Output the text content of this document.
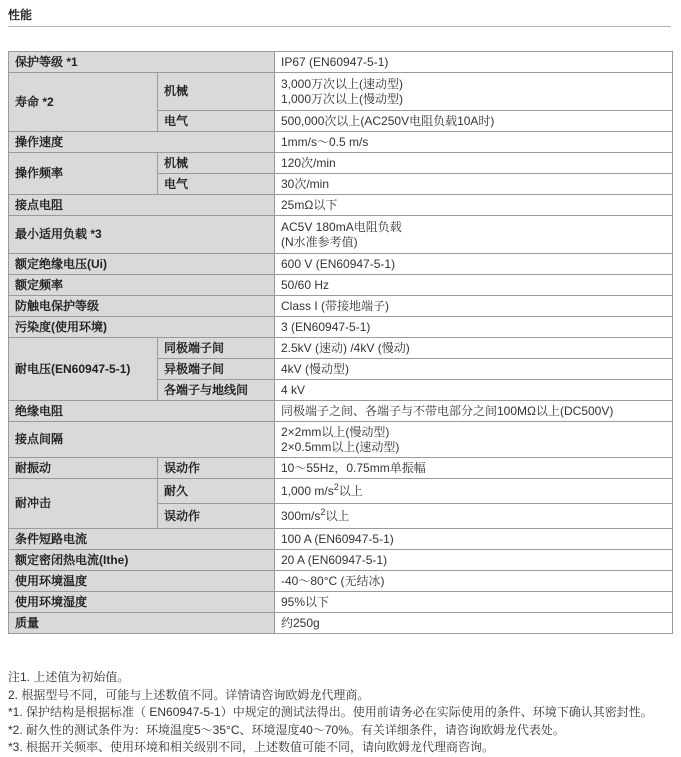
性能
保护等级 *1		IP67 (EN60947-5-1)
寿命 *2	机械	3,000万次以上(速动型)
1,000万次以上(慢动型)

	电气	500,000次以上(AC250V电阻负载10A时)
操作速度		1mm/s～0.5 m/s
操作频率	机械	120次/min
	电气	30次/min
接点电阻		25mΩ以下
最小适用负载 *3		AC5V 180mA电阻负载
(N水准参考值)

额定绝缘电压(Ui)		600 V (EN60947-5-1)
额定频率		50/60 Hz
防触电保护等级		Class I (带接地端子)
污染度(使用环境)		3 (EN60947-5-1)
耐电压(EN60947-5-1)	同极端子间	2.5kV (速动) /4kV (慢动)
	异极端子间	4kV (慢动型)
	各端子与地线间	4 kV
绝缘电阻		同极端子之间、各端子与不带电部分之间100MΩ以上(DC500V)
接点间隔		2×2mm以上(慢动型)
2×0.5mm以上(速动型)

耐振动	误动作	10～55Hz，0.75mm单振幅
耐冲击	耐久	1,000 $m/s^2$以上
	误动作	$300m/s^2$以上
条件短路电流		100 A (EN60947-5-1)
额定密闭热电流(Ithe)		20 A (EN60947-5-1)
使用环境温度		-40～80°C (无结冰)
使用环境湿度		95%以下
质量		约250g
注1. 上述值为初始值。
2. 根据型号不同，可能与上述数值不同。详情请咨询欧姆龙代理商。
*1. 保护结构是根据标准（ EN60947-5-1）中规定的测试法得出。使用前请务必在实际使用的条件、环境下确认其密封性。
*2. 耐久性的测试条件为：环境温度5～35°C、环境湿度40～70%。有关详细条件，请咨询欧姆龙代表处。
*3. 根据开关频率、使用环境和相关级别不同，上述数值可能不同，请向欧姆龙代理商咨询。
